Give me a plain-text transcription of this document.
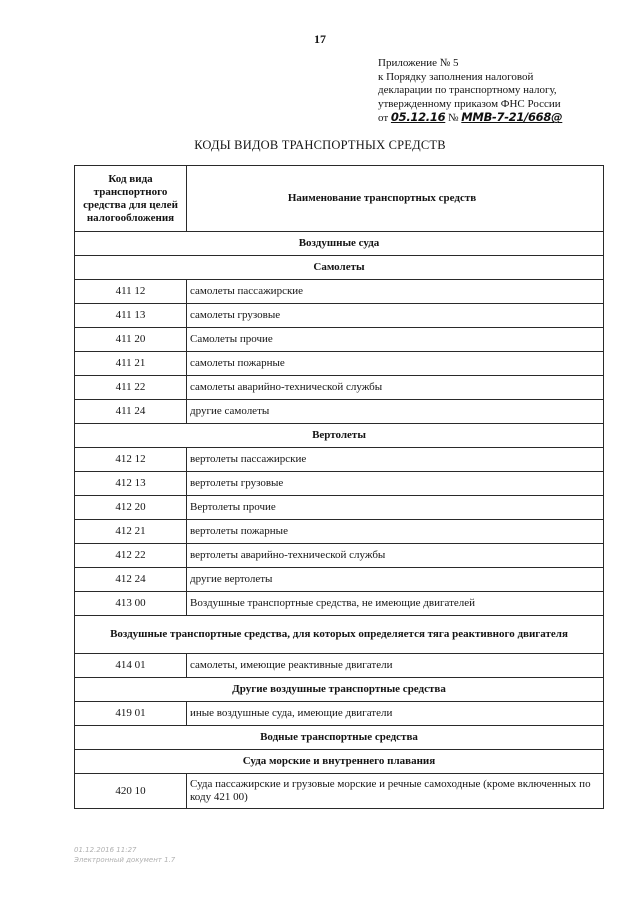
17
Приложение № 5
к Порядку заполнения налоговой
декларации по транспортному налогу,
утвержденному приказом ФНС России
от 05.12.16 № ММВ-7-21/668@
КОДЫ ВИДОВ ТРАНСПОРТНЫХ СРЕДСТВ
Код вида транспортного средства для целей налогообложения	Наименование транспортных средств
Воздушные суда	
Самолеты	
411 12	самолеты пассажирские
411 13	самолеты грузовые
411 20	Самолеты прочие
411 21	самолеты пожарные
411 22	самолеты аварийно-технической службы
411 24	другие самолеты
Вертолеты	
412 12	вертолеты пассажирские
412 13	вертолеты грузовые
412 20	Вертолеты прочие
412 21	вертолеты пожарные
412 22	вертолеты аварийно-технической службы
412 24	другие вертолеты
413 00	Воздушные транспортные средства, не имеющие двигателей
Воздушные транспортные средства, для которых определяется тяга реактивного двигателя	
414 01	самолеты, имеющие реактивные двигатели
Другие воздушные транспортные средства	
419 01	иные воздушные суда, имеющие двигатели
Водные транспортные средства	
Суда морские и внутреннего плавания	
420 10	Суда пассажирские и грузовые морские и речные самоходные (кроме включенных по коду 421 00)
01.12.2016 11:27
Электронный документ 1.7
